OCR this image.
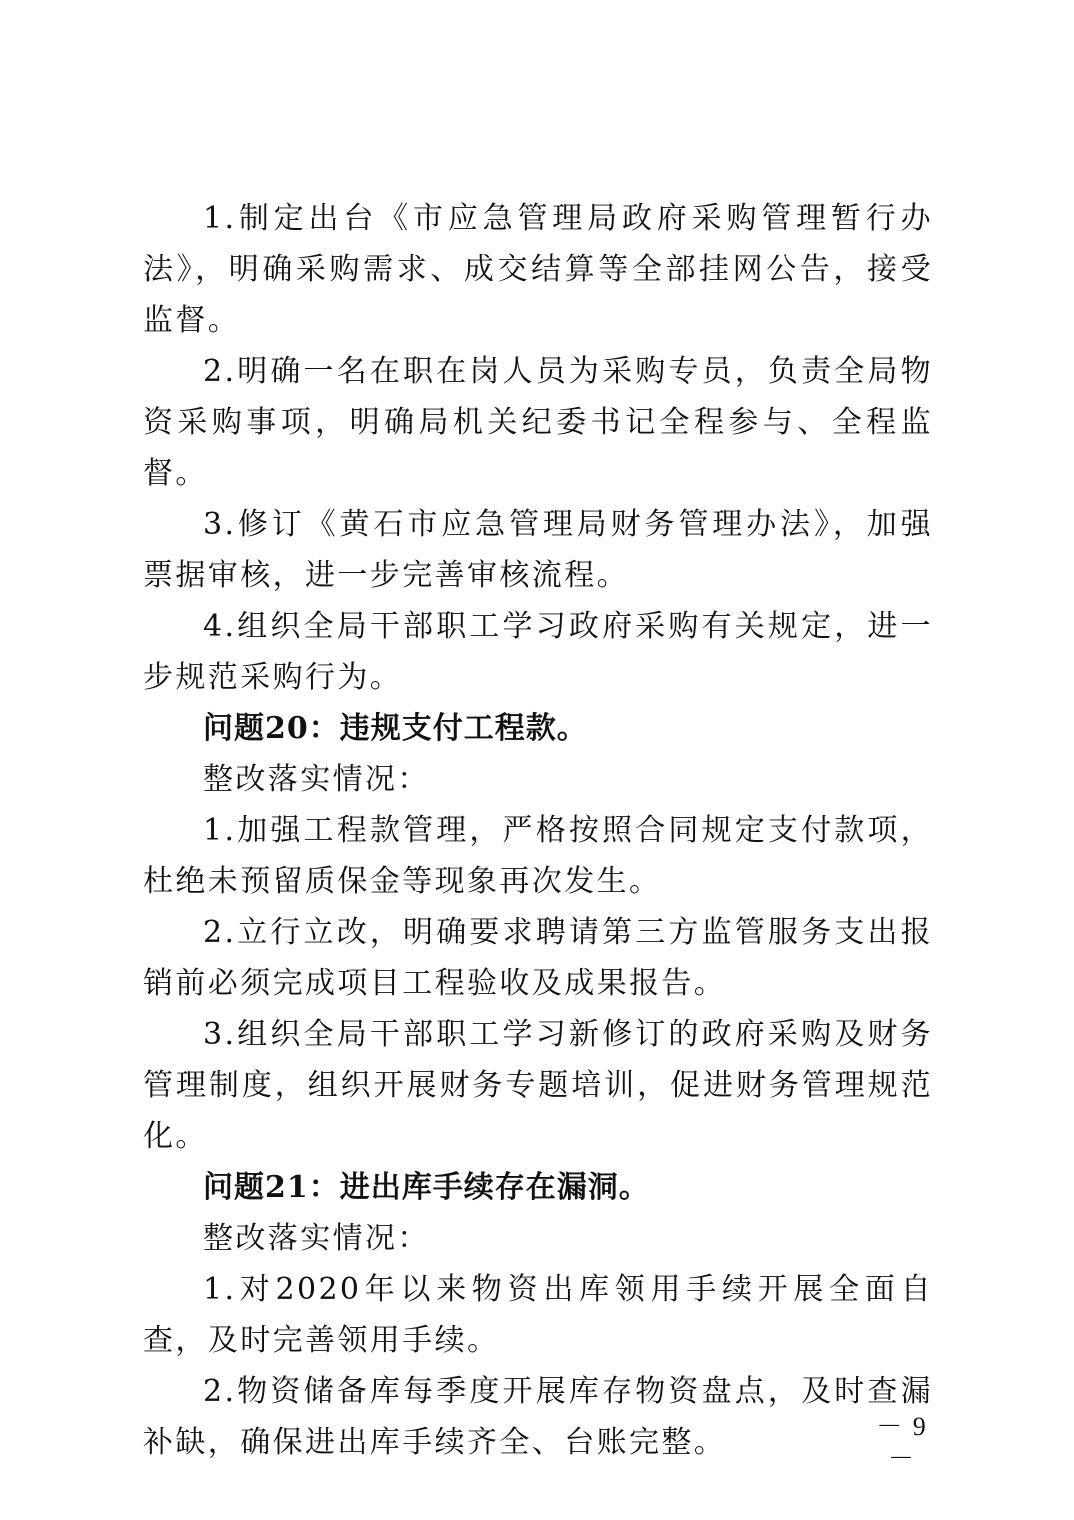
1.制定出台《市应急管理局政府采购管理暂行办法》，明确采购需求、成交结算等全部挂网公告，接受监督。

2.明确一名在职在岗人员为采购专员，负责全局物资采购事项，明确局机关纪委书记全程参与、全程监督。

3.修订《黄石市应急管理局财务管理办法》，加强票据审核，进一步完善审核流程。

4.组织全局干部职工学习政府采购有关规定，进一步规范采购行为。

问题20：违规支付工程款。

整改落实情况：

1.加强工程款管理，严格按照合同规定支付款项，杜绝未预留质保金等现象再次发生。

2.立行立改，明确要求聘请第三方监管服务支出报销前必须完成项目工程验收及成果报告。

3.组织全局干部职工学习新修订的政府采购及财务管理制度，组织开展财务专题培训，促进财务管理规范化。

问题21：进出库手续存在漏洞。

整改落实情况：

1.对2020年以来物资出库领用手续开展全面自查，及时完善领用手续。

2.物资储备库每季度开展库存物资盘点，及时查漏补缺，确保进出库手续齐全、台账完整。	－ 9 －
